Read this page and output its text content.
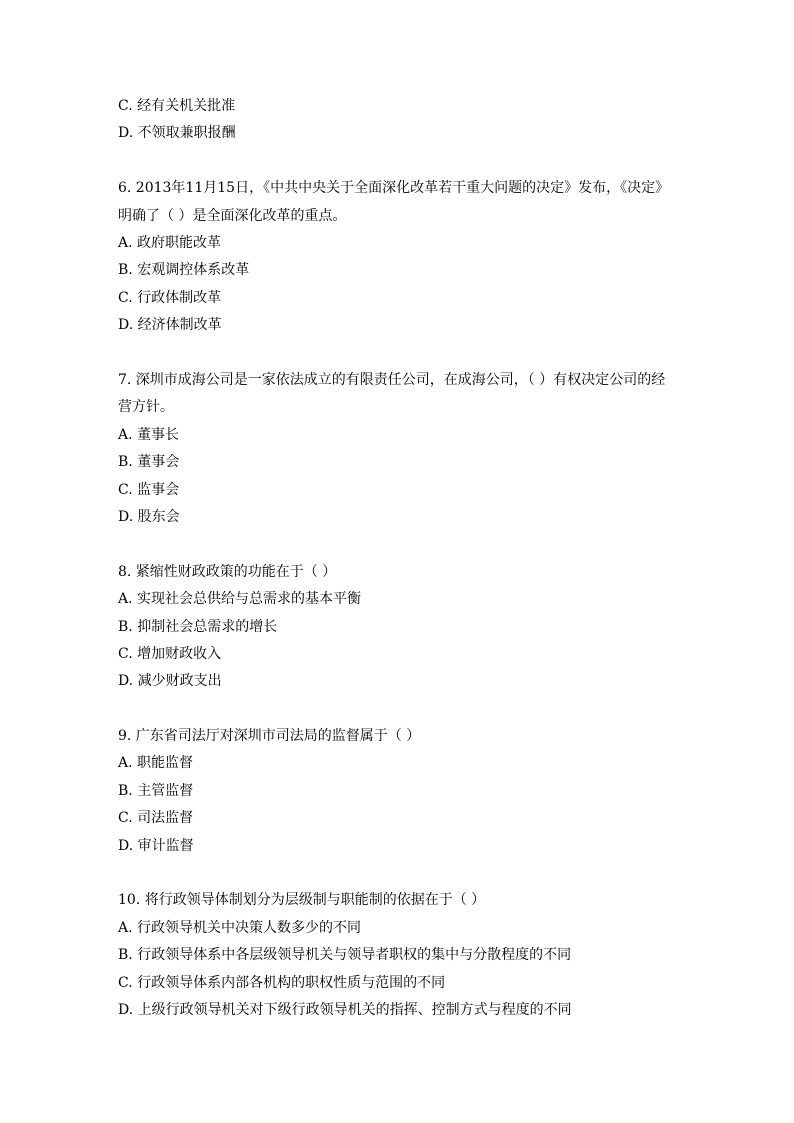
C. 经有关机关批准
D. 不领取兼职报酬
6. 2013年11月15日，《中共中央关于全面深化改革若干重大问题的决定》发布，《决定》明确了（ ）是全面深化改革的重点。
A. 政府职能改革
B. 宏观调控体系改革
C. 行政体制改革
D. 经济体制改革
7. 深圳市成海公司是一家依法成立的有限责任公司，在成海公司，（ ）有权决定公司的经营方针。
A. 董事长
B. 董事会
C. 监事会
D. 股东会
8. 紧缩性财政政策的功能在于（ ）
A. 实现社会总供给与总需求的基本平衡
B. 抑制社会总需求的增长
C. 增加财政收入
D. 减少财政支出
9. 广东省司法厅对深圳市司法局的监督属于（ ）
A. 职能监督
B. 主管监督
C. 司法监督
D. 审计监督
10. 将行政领导体制划分为层级制与职能制的依据在于（ ）
A. 行政领导机关中决策人数多少的不同
B. 行政领导体系中各层级领导机关与领导者职权的集中与分散程度的不同
C. 行政领导体系内部各机构的职权性质与范围的不同
D. 上级行政领导机关对下级行政领导机关的指挥、控制方式与程度的不同
